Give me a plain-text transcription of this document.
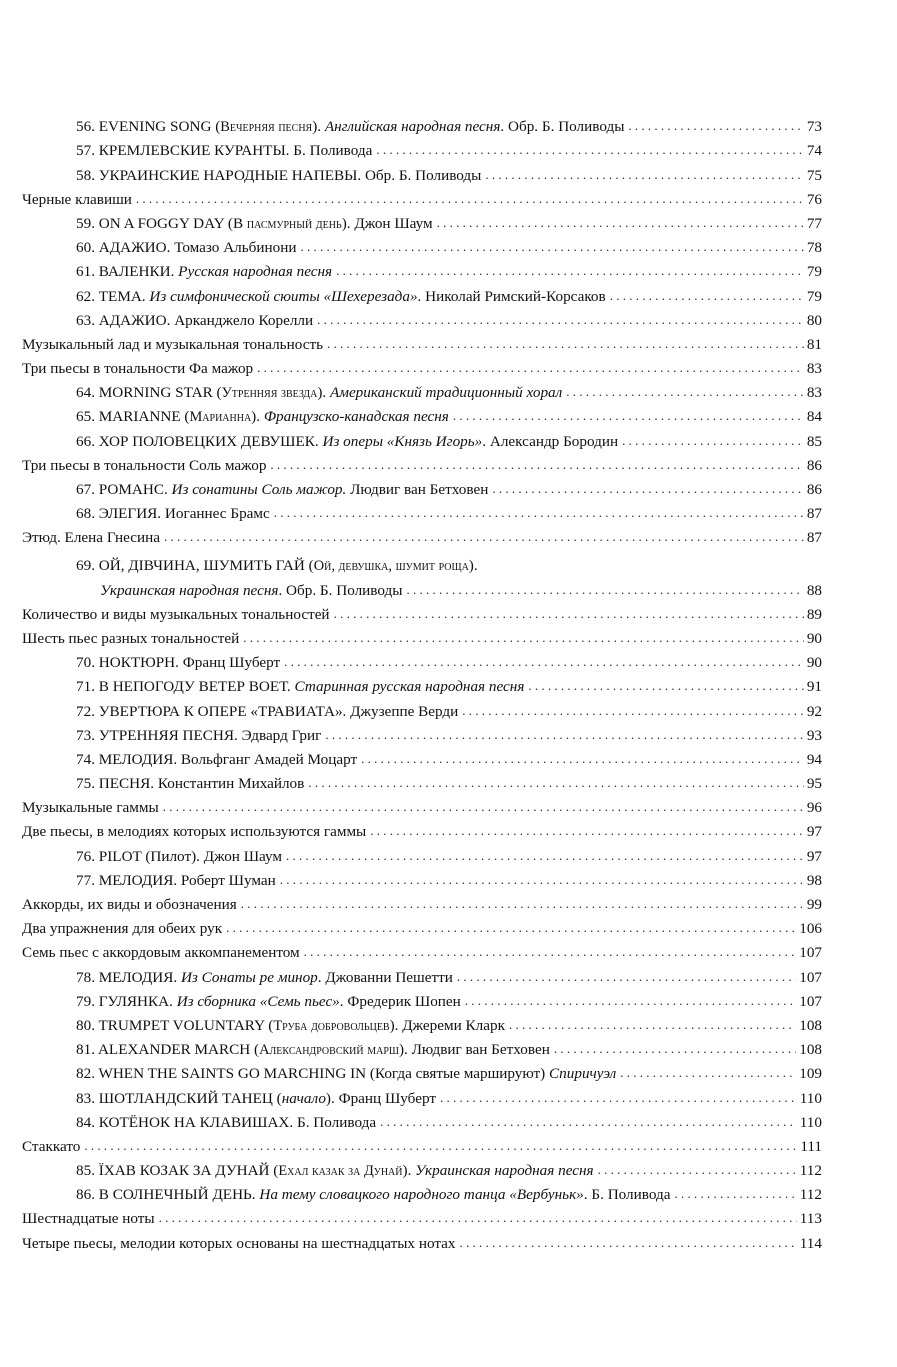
56. EVENING SONG (Вечерняя песня). Английская народная песня. Обр. Б. Поливоды . . .	73
57. КРЕМЛЕВСКИЕ КУРАНТЫ. Б. Поливода . . .	74
58. УКРАИНСКИЕ НАРОДНЫЕ НАПЕВЫ. Обр. Б. Поливоды . . .	75
Черные клавиши . . .	76
59. ON A FOGGY DAY (В пасмурный день). Джон Шаум . . .	77
60. АДАЖИО. Томазо Альбинони . . .	78
61. ВАЛЕНКИ. Русская народная песня . . .	79
62. ТЕМА. Из симфонической сюиты «Шехерезада». Николай Римский-Корсаков . . .	79
63. АДАЖИО. Арканджело Корелли . . .	80
Музыкальный лад и музыкальная тональность . . .	81
Три пьесы в тональности Фа мажор . . .	83
64. MORNING STAR (Утренняя звезда). Американский традиционный хорал . . .	83
65. MARIANNE (Марианна). Французско-канадская песня . . .	84
66. ХОР ПОЛОВЕЦКИХ ДЕВУШЕК. Из оперы «Князь Игорь». Александр Бородин . . .	85
Три пьесы в тональности Соль мажор . . .	86
67. РОМАНС. Из сонатины Соль мажор. Людвиг ван Бетховен . . .	86
68. ЭЛЕГИЯ. Иоганнес Брамс . . .	87
Этюд. Елена Гнесина . . .	87
69. ОЙ, ДІВЧИНА, ШУМИТЬ ГАЙ (Ой, девушка, шумит роща).
Украинская народная песня. Обр. Б. Поливоды . . .	88
Количество и виды музыкальных тональностей . . .	89
Шесть пьес разных тональностей . . .	90
70. НОКТЮРН. Франц Шуберт . . .	90
71. В НЕПОГОДУ ВЕТЕР ВОЕТ. Старинная русская народная песня . . .	91
72. УВЕРТЮРА К ОПЕРЕ «ТРАВИАТА». Джузеппе Верди . . .	92
73. УТРЕННЯЯ ПЕСНЯ. Эдвард Григ . . .	93
74. МЕЛОДИЯ. Вольфганг Амадей Моцарт . . .	94
75. ПЕСНЯ. Константин Михайлов . . .	95
Музыкальные гаммы . . .	96
Две пьесы, в мелодиях которых используются гаммы . . .	97
76. PILOT (Пилот). Джон Шаум . . .	97
77. МЕЛОДИЯ. Роберт Шуман . . .	98
Аккорды, их виды и обозначения . . .	99
Два упражнения для обеих рук . . .	106
Семь пьес с аккордовым аккомпанементом . . .	107
78. МЕЛОДИЯ. Из Сонаты ре минор. Джованни Пешетти . . .	107
79. ГУЛЯНКА. Из сборника «Семь пьес». Фредерик Шопен . . .	107
80. TRUMPET VOLUNTARY (Труба добровольцев). Джереми Кларк . . .	108
81. ALEXANDER MARCH (Александровский марш). Людвиг ван Бетховен . . .	108
82. WHEN THE SAINTS GO MARCHING IN (Когда святые маршируют) Спиричуэл . . .	109
83. ШОТЛАНДСКИЙ ТАНЕЦ (начало). Франц Шуберт . . .	110
84. КОТЁНОК НА КЛАВИШАХ. Б. Поливода . . .	110
Стаккато . . .	111
85. ЇХАВ КОЗАК ЗА ДУНАЙ (Ехал казак за Дунай). Украинская народная песня . . .	112
86. В СОЛНЕЧНЫЙ ДЕНЬ. На тему словацкого народного танца «Вербуньк». Б. Поливода . . .	112
Шестнадцатые ноты . . .	113
Четыре пьесы, мелодии которых основаны на шестнадцатых нотах . . .	114
